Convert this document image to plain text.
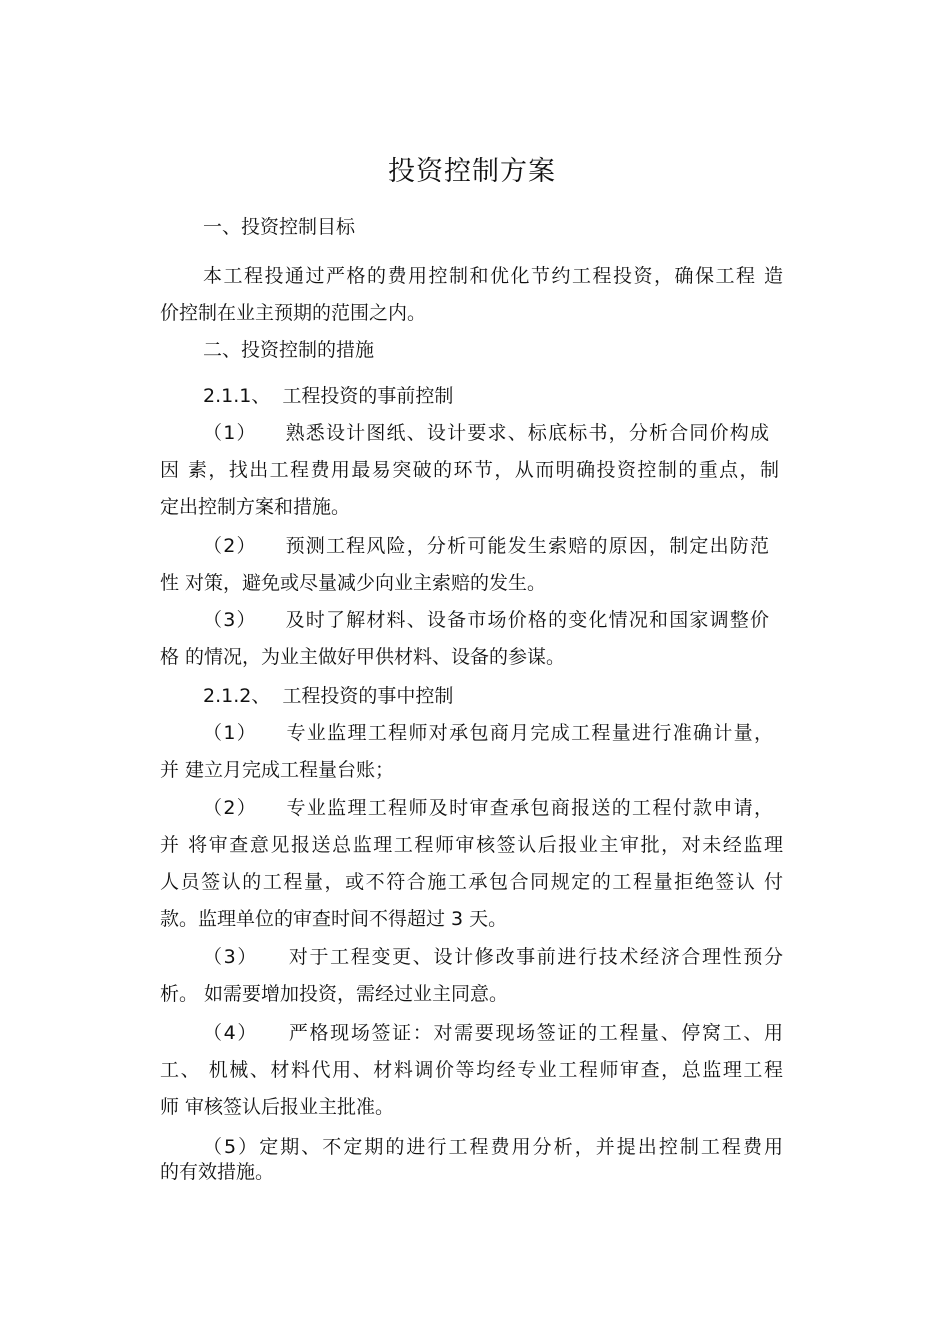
投资控制方案
一、投资控制目标
本工程投通过严格的费用控制和优化节约工程投资，确保工程 造
价控制在业主预期的范围之内。
二、投资控制的措施
2.1.1、  工程投资的事前控制
（1）    熟悉设计图纸、设计要求、标底标书，分析合同价构成
因 素，找出工程费用最易突破的环节，从而明确投资控制的重点，制
定出控制方案和措施。
（2）    预测工程风险，分析可能发生索赔的原因，制定出防范
性 对策，避免或尽量减少向业主索赔的发生。
（3）    及时了解材料、设备市场价格的变化情况和国家调整价
格 的情况，为业主做好甲供材料、设备的参谋。
2.1.2、  工程投资的事中控制
（1）    专业监理工程师对承包商月完成工程量进行准确计量，
并 建立月完成工程量台账；
（2）    专业监理工程师及时审查承包商报送的工程付款申请，
并 将审查意见报送总监理工程师审核签认后报业主审批，对未经监理
人员签认的工程量，或不符合施工承包合同规定的工程量拒绝签认 付
款。监理单位的审查时间不得超过 3 天。
（3）    对于工程变更、设计修改事前进行技术经济合理性预分
析。 如需要增加投资，需经过业主同意。
（4）    严格现场签证：对需要现场签证的工程量、停窝工、用
工、 机械、材料代用、材料调价等均经专业工程师审查，总监理工程
师 审核签认后报业主批准。
（5）定期、不定期的进行工程费用分析，并提出控制工程费用
的有效措施。
